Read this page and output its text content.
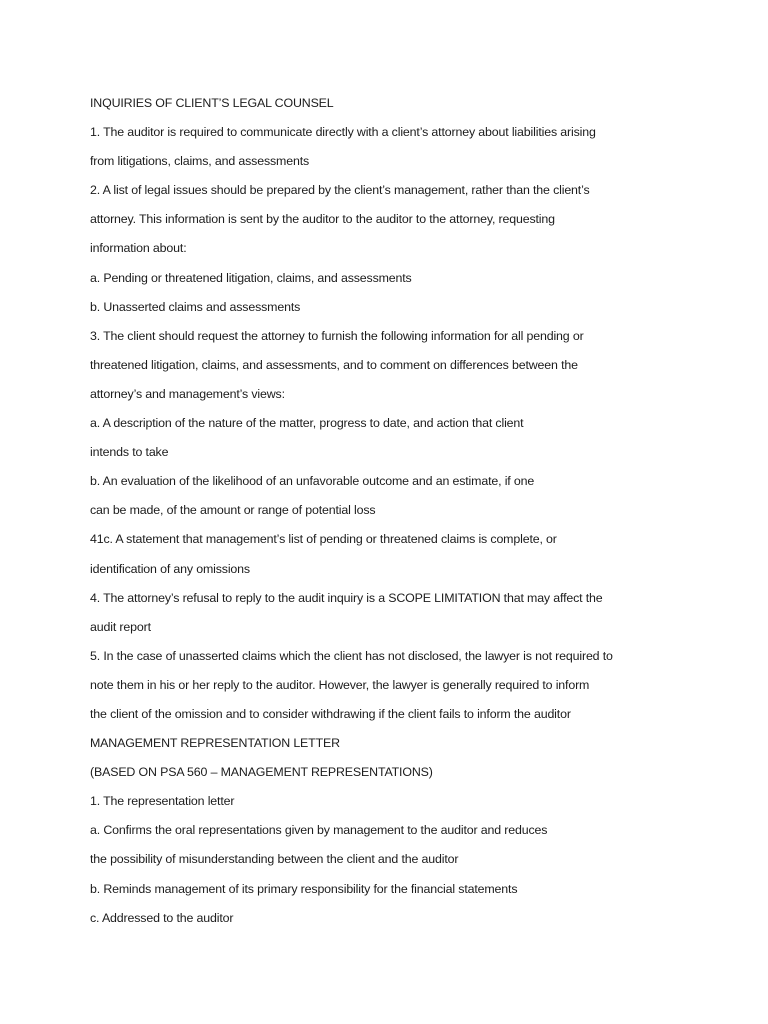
INQUIRIES OF CLIENT’S LEGAL COUNSEL
1. The auditor is required to communicate directly with a client’s attorney about liabilities arising
from litigations, claims, and assessments
2. A list of legal issues should be prepared by the client’s management, rather than the client’s
attorney. This information is sent by the auditor to the auditor to the attorney, requesting
information about:
a. Pending or threatened litigation, claims, and assessments
b. Unasserted claims and assessments
3. The client should request the attorney to furnish the following information for all pending or
threatened litigation, claims, and assessments, and to comment on differences between the
attorney’s and management’s views:
a. A description of the nature of the matter, progress to date, and action that client
intends to take
b. An evaluation of the likelihood of an unfavorable outcome and an estimate, if one
can be made, of the amount or range of potential loss
41c. A statement that management’s list of pending or threatened claims is complete, or
identification of any omissions
4. The attorney’s refusal to reply to the audit inquiry is a SCOPE LIMITATION that may affect the
audit report
5. In the case of unasserted claims which the client has not disclosed, the lawyer is not required to
note them in his or her reply to the auditor. However, the lawyer is generally required to inform
the client of the omission and to consider withdrawing if the client fails to inform the auditor
MANAGEMENT REPRESENTATION LETTER
(BASED ON PSA 560 – MANAGEMENT REPRESENTATIONS)
1. The representation letter
a. Confirms the oral representations given by management to the auditor and reduces
the possibility of misunderstanding between the client and the auditor
b. Reminds management of its primary responsibility for the financial statements
c. Addressed to the auditor
